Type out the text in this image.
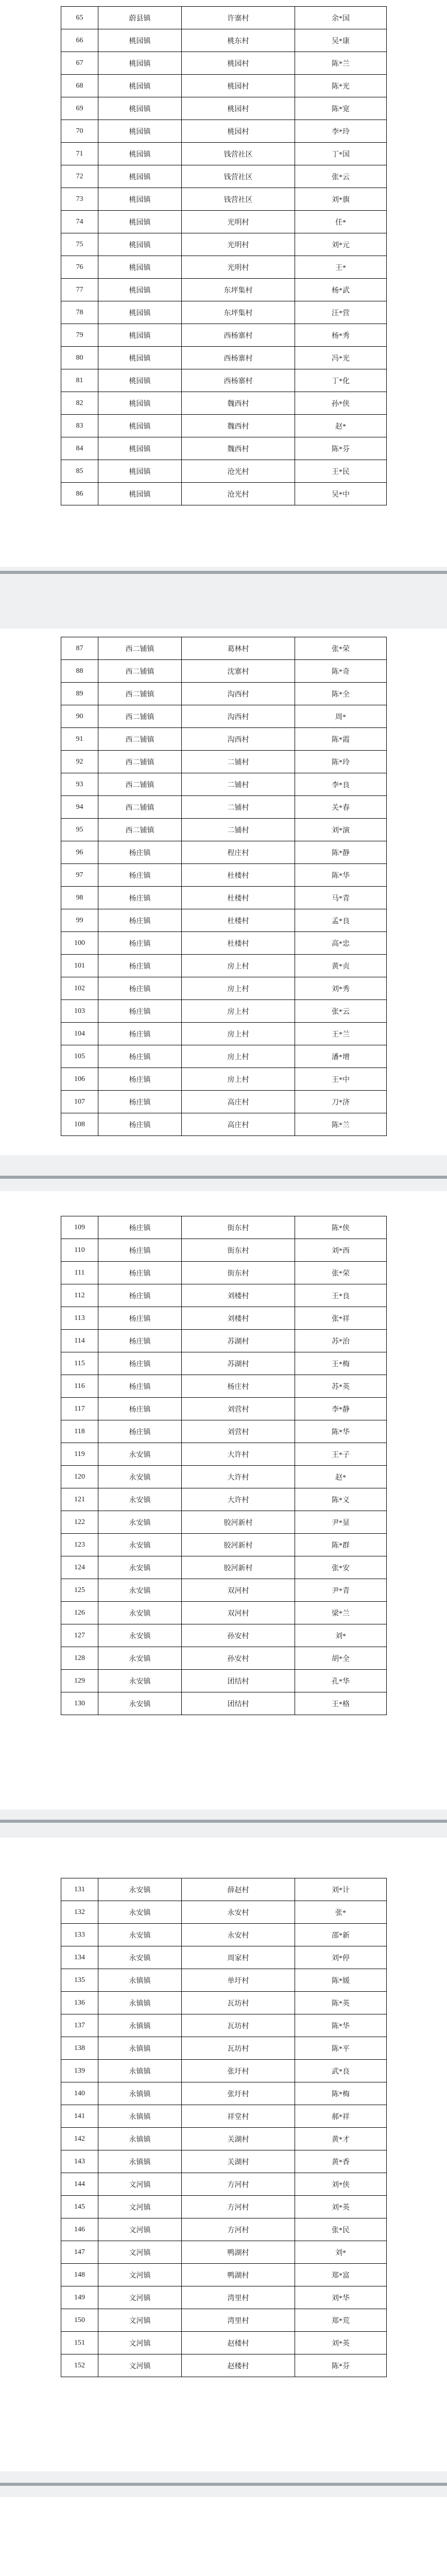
65	蔚县镇	许寨村	余*国
66	桃园镇	桃东村	吴*康
67	桃园镇	桃园村	陈*兰
68	桃园镇	桃园村	陈*光
69	桃园镇	桃园村	陈*宽
70	桃园镇	桃园村	李*玲
71	桃园镇	钱营社区	丁*国
72	桃园镇	钱营社区	张*云
73	桃园镇	钱营社区	刘*旗
74	桃园镇	光明村	任*
75	桃园镇	光明村	刘*元
76	桃园镇	光明村	王*
77	桃园镇	东坪集村	杨*武
78	桃园镇	东坪集村	汪*营
79	桃园镇	西杨寨村	杨*秀
80	桃园镇	西杨寨村	冯*光
81	桃园镇	西杨寨村	丁*化
82	桃园镇	魏西村	孙*侠
83	桃园镇	魏西村	赵*
84	桃园镇	魏西村	陈*芬
85	桃园镇	沧光村	王*民
86	桃园镇	沧光村	吴*中
87	西二铺镇	葛林村	张*荣
88	西二铺镇	沈寨村	陈*奇
89	西二铺镇	沟西村	陈*全
90	西二铺镇	沟西村	周*
91	西二铺镇	沟西村	陈*霞
92	西二铺镇	二铺村	陈*玲
93	西二铺镇	二铺村	李*良
94	西二铺镇	二铺村	关*春
95	西二铺镇	二铺村	刘*演
96	杨庄镇	程庄村	陈*静
97	杨庄镇	杜楼村	陈*华
98	杨庄镇	杜楼村	马*青
99	杨庄镇	杜楼村	孟*良
100	杨庄镇	杜楼村	高*忠
101	杨庄镇	房上村	黄*贞
102	杨庄镇	房上村	刘*秀
103	杨庄镇	房上村	张*云
104	杨庄镇	房上村	王*兰
105	杨庄镇	房上村	潘*增
106	杨庄镇	房上村	王*中
107	杨庄镇	高庄村	刀*济
108	杨庄镇	高庄村	陈*兰
109	杨庄镇	街东村	陈*侠
110	杨庄镇	街东村	刘*西
111	杨庄镇	街东村	张*荣
112	杨庄镇	刘楼村	王*良
113	杨庄镇	刘楼村	张*祥
114	杨庄镇	苏湖村	苏*治
115	杨庄镇	苏湖村	王*梅
116	杨庄镇	杨庄村	苏*英
117	杨庄镇	刘营村	李*静
118	杨庄镇	刘营村	陈*华
119	永安镇	大许村	王*子
120	永安镇	大许村	赵*
121	永安镇	大许村	陈*义
122	永安镇	胶河新村	尹*显
123	永安镇	胶河新村	陈*群
124	永安镇	胶河新村	张*安
125	永安镇	双河村	尹*青
126	永安镇	双河村	梁*兰
127	永安镇	孙安村	刘*
128	永安镇	孙安村	胡*全
129	永安镇	团结村	孔*华
130	永安镇	团结村	王*格
131	永安镇	薛赵村	刘*计
132	永安镇	永安村	张*
133	永安镇	永安村	邵*新
134	永安镇	周家村	刘*停
135	永镇镇	单圩村	陈*媛
136	永镇镇	瓦坊村	陈*英
137	永镇镇	瓦坊村	陈*华
138	永镇镇	瓦坊村	陈*平
139	永镇镇	张圩村	武*良
140	永镇镇	张圩村	陈*梅
141	永镇镇	祥堂村	郝*祥
142	永镇镇	关湖村	黄*才
143	永镇镇	关湖村	黄*香
144	文河镇	方河村	刘*侠
145	文河镇	方河村	刘*英
146	文河镇	方河村	张*民
147	文河镇	鸭湖村	刘*
148	文河镇	鸭湖村	郑*富
149	文河镇	湾里村	刘*华
150	文河镇	湾里村	郑*荒
151	文河镇	赵楼村	刘*英
152	文河镇	赵楼村	陈*芬
